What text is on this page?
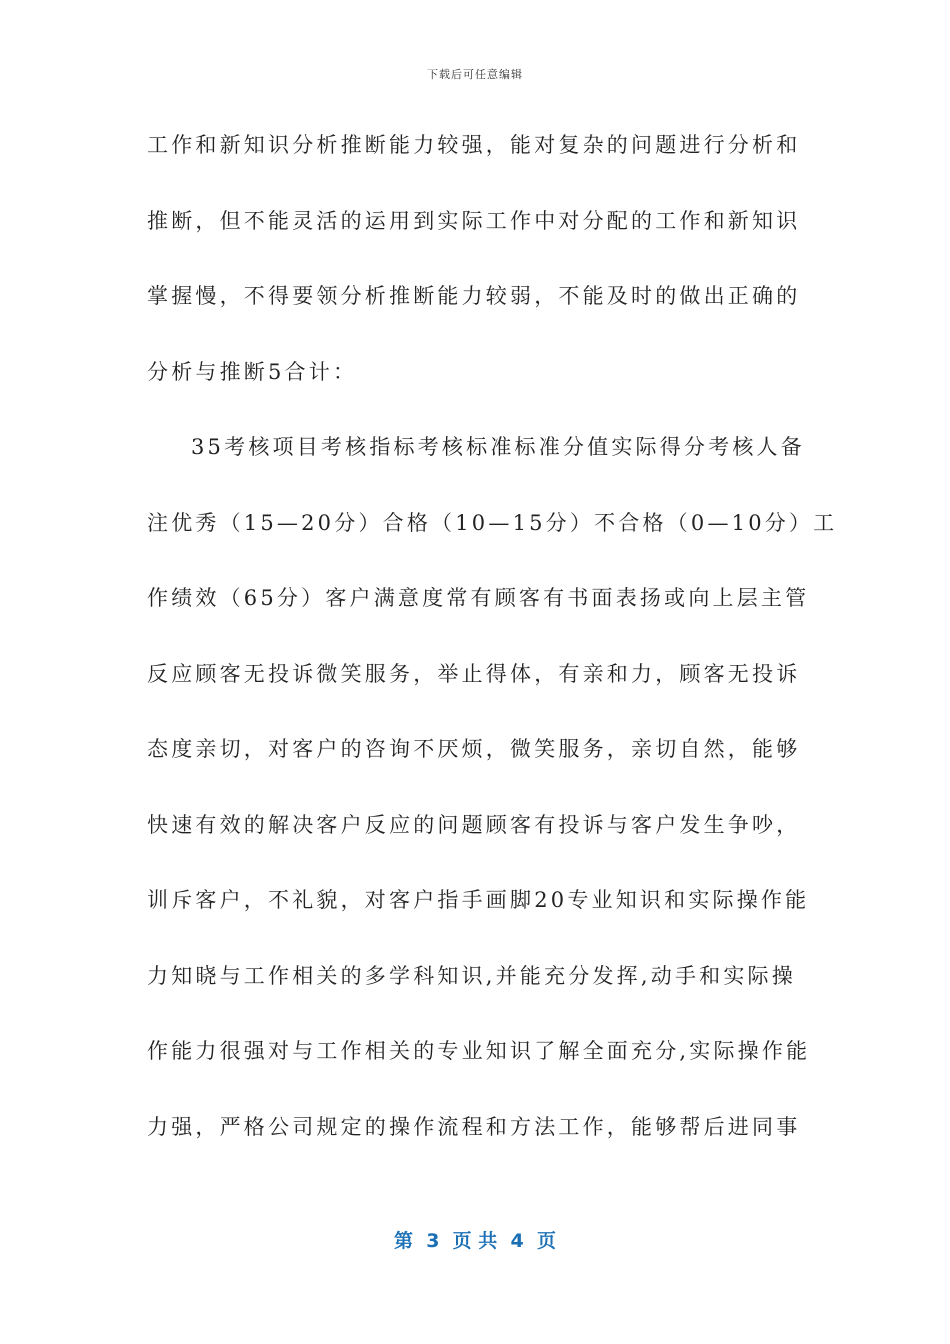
下载后可任意编辑
工作和新知识分析推断能力较强，能对复杂的问题进行分析和
推断，但不能灵活的运用到实际工作中对分配的工作和新知识
掌握慢，不得要领分析推断能力较弱，不能及时的做出正确的
分析与推断5合计：
35考核项目考核指标考核标准标准分值实际得分考核人备
注优秀（15—20分）合格（10—15分）不合格（0—10分）工
作绩效（65分）客户满意度常有顾客有书面表扬或向上层主管
反应顾客无投诉微笑服务，举止得体，有亲和力，顾客无投诉
态度亲切，对客户的咨询不厌烦，微笑服务，亲切自然，能够
快速有效的解决客户反应的问题顾客有投诉与客户发生争吵，
训斥客户，不礼貌，对客户指手画脚20专业知识和实际操作能
力知晓与工作相关的多学科知识,并能充分发挥,动手和实际操
作能力很强对与工作相关的专业知识了解全面充分,实际操作能
力强，严格公司规定的操作流程和方法工作，能够帮后进同事
第  3  页 共  4  页
